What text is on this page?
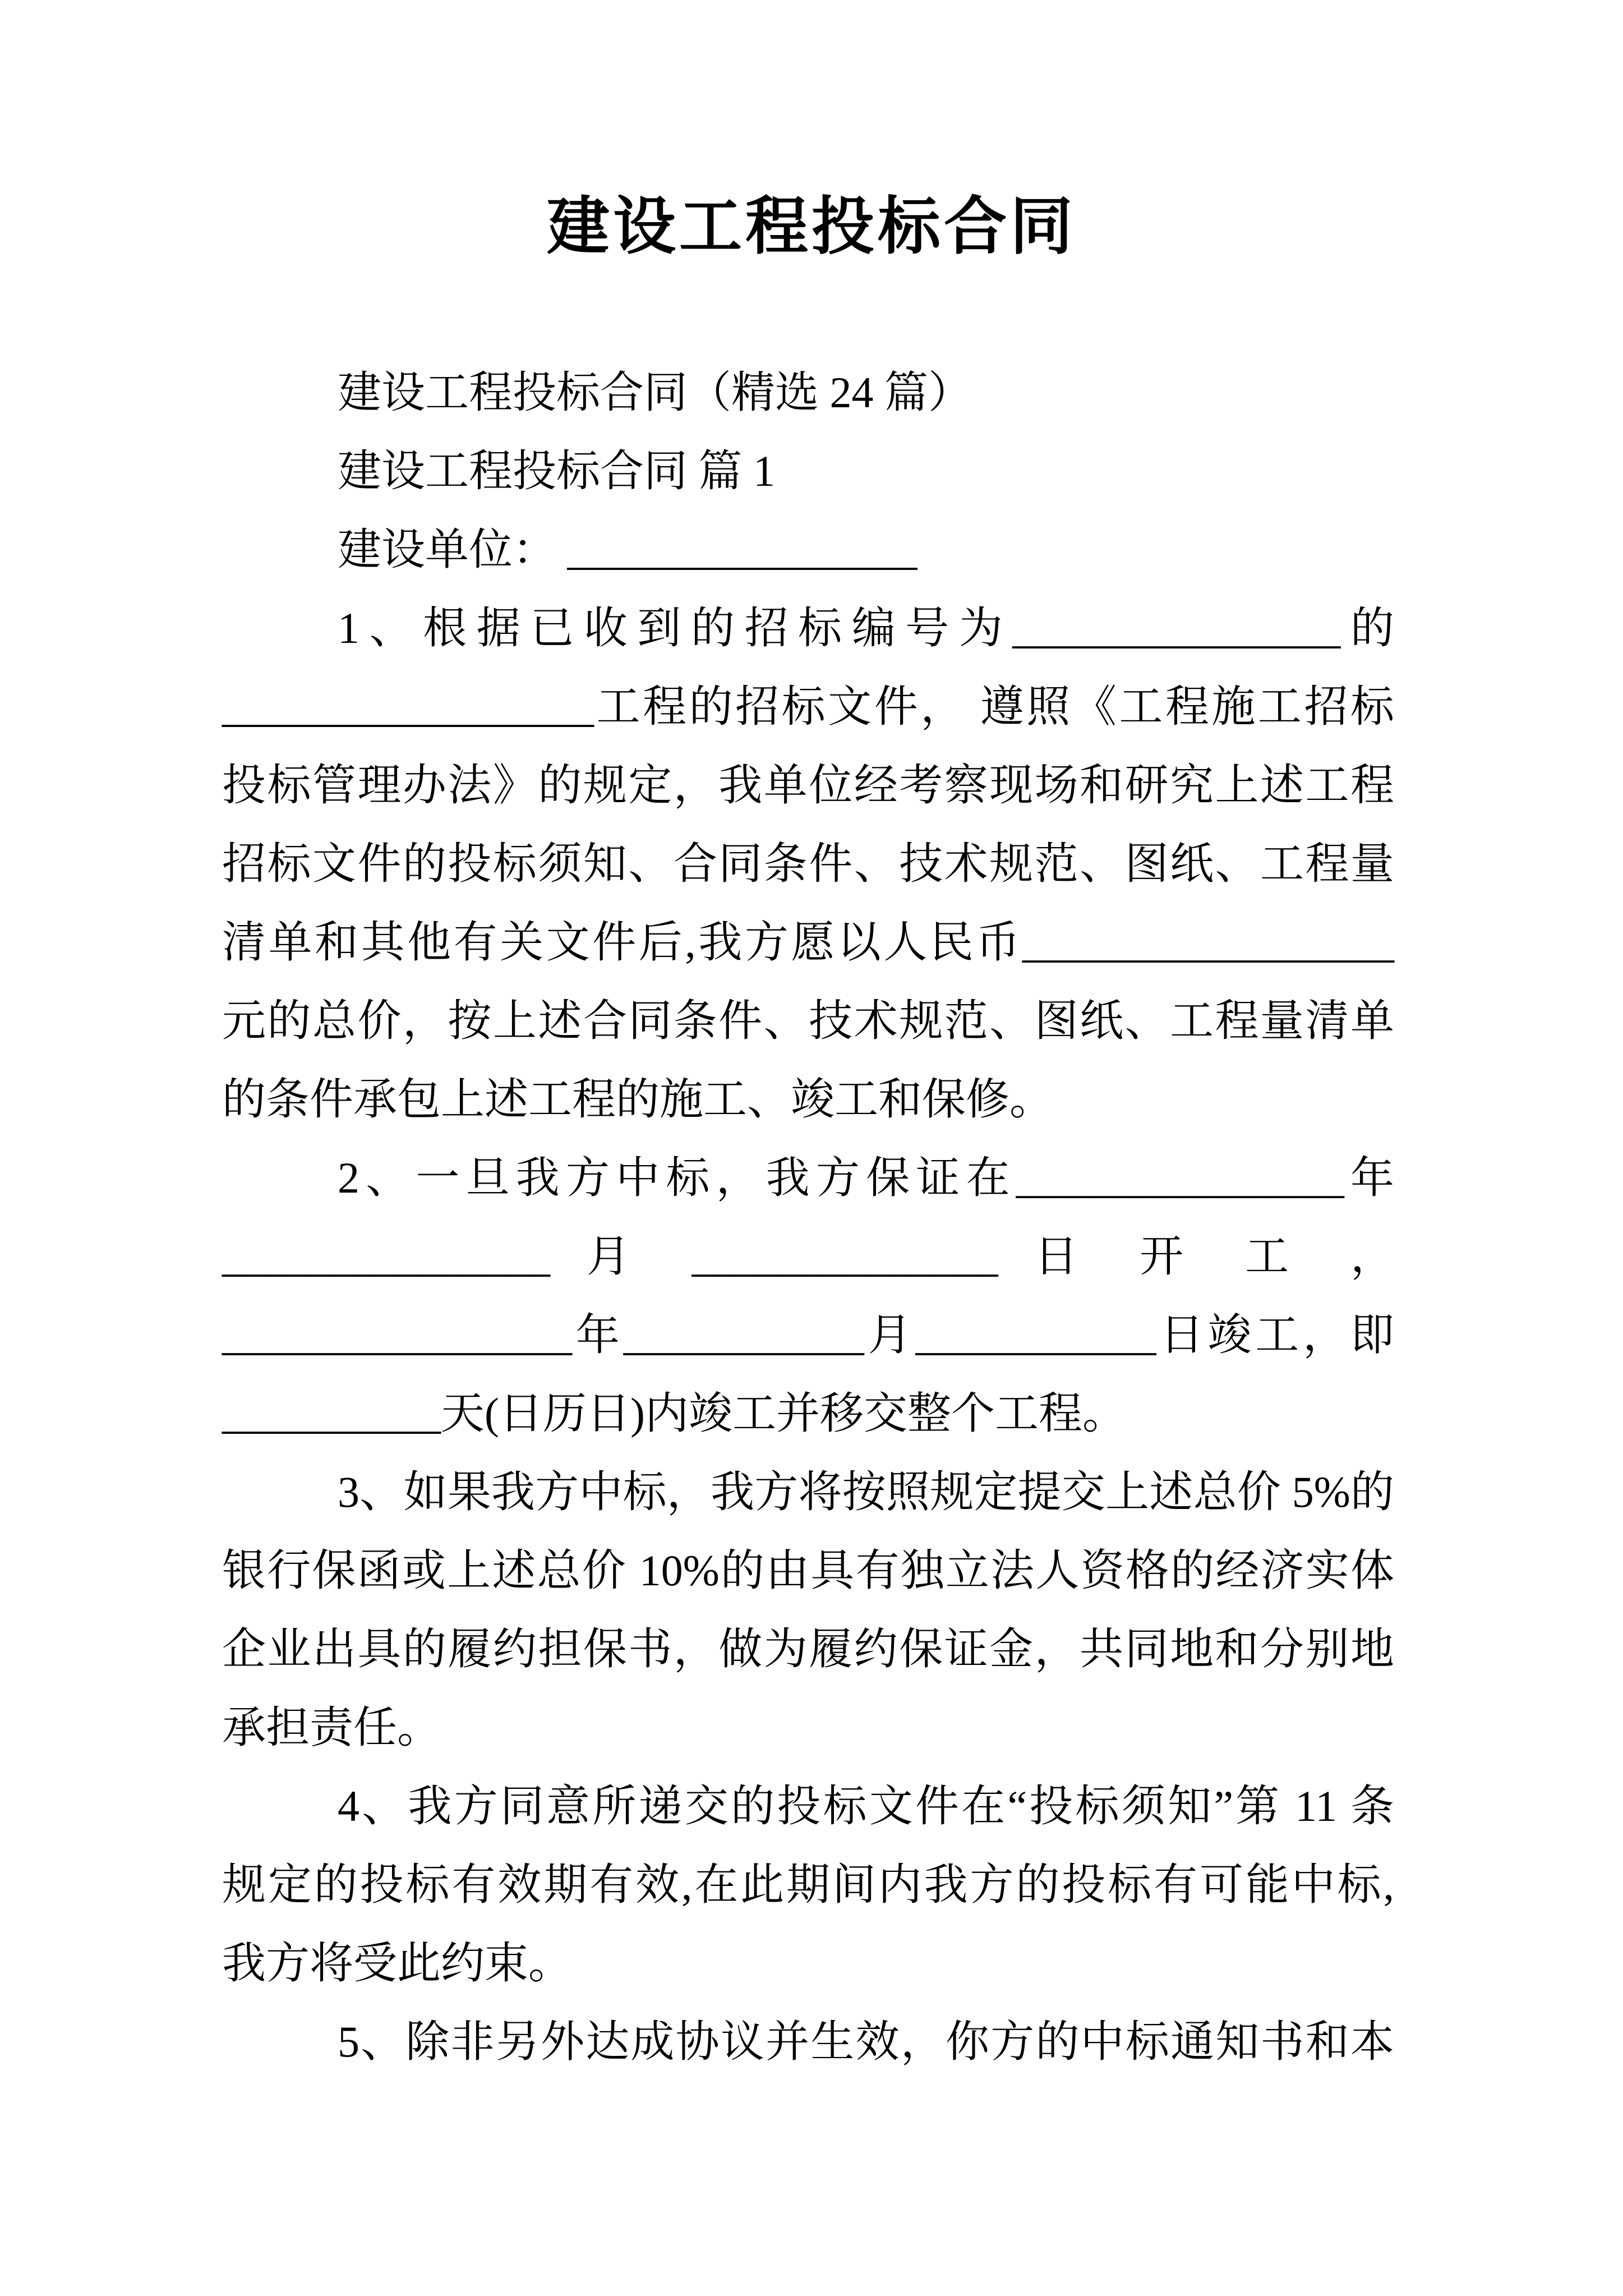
建设工程投标合同
建设工程投标合同（精选 24 篇）
建设工程投标合同 篇 1
建设单位： ________________
1、根据已收到的招标编号为_______________的
_________________工程的招标文件， 遵照《工程施工招标
投标管理办法》的规定，我单位经考察现场和研究上述工程
招标文件的投标须知、合同条件、技术规范、图纸、工程量
清单和其他有关文件后,我方愿以人民币_________________
元的总价，按上述合同条件、技术规范、图纸、工程量清单
的条件承包上述工程的施工、竣工和保修。
2、一旦我方中标，我方保证在_______________年
_______________ 月 ______________ 日 开 工 ，
________________年___________月___________日竣工，即
__________天(日历日)内竣工并移交整个工程。
3、如果我方中标，我方将按照规定提交上述总价 5%的
银行保函或上述总价 10%的由具有独立法人资格的经济实体
企业出具的履约担保书，做为履约保证金，共同地和分别地
承担责任。
4、我方同意所递交的投标文件在“投标须知”第 11 条
规定的投标有效期有效,在此期间内我方的投标有可能中标,
我方将受此约束。
5、除非另外达成协议并生效，你方的中标通知书和本
